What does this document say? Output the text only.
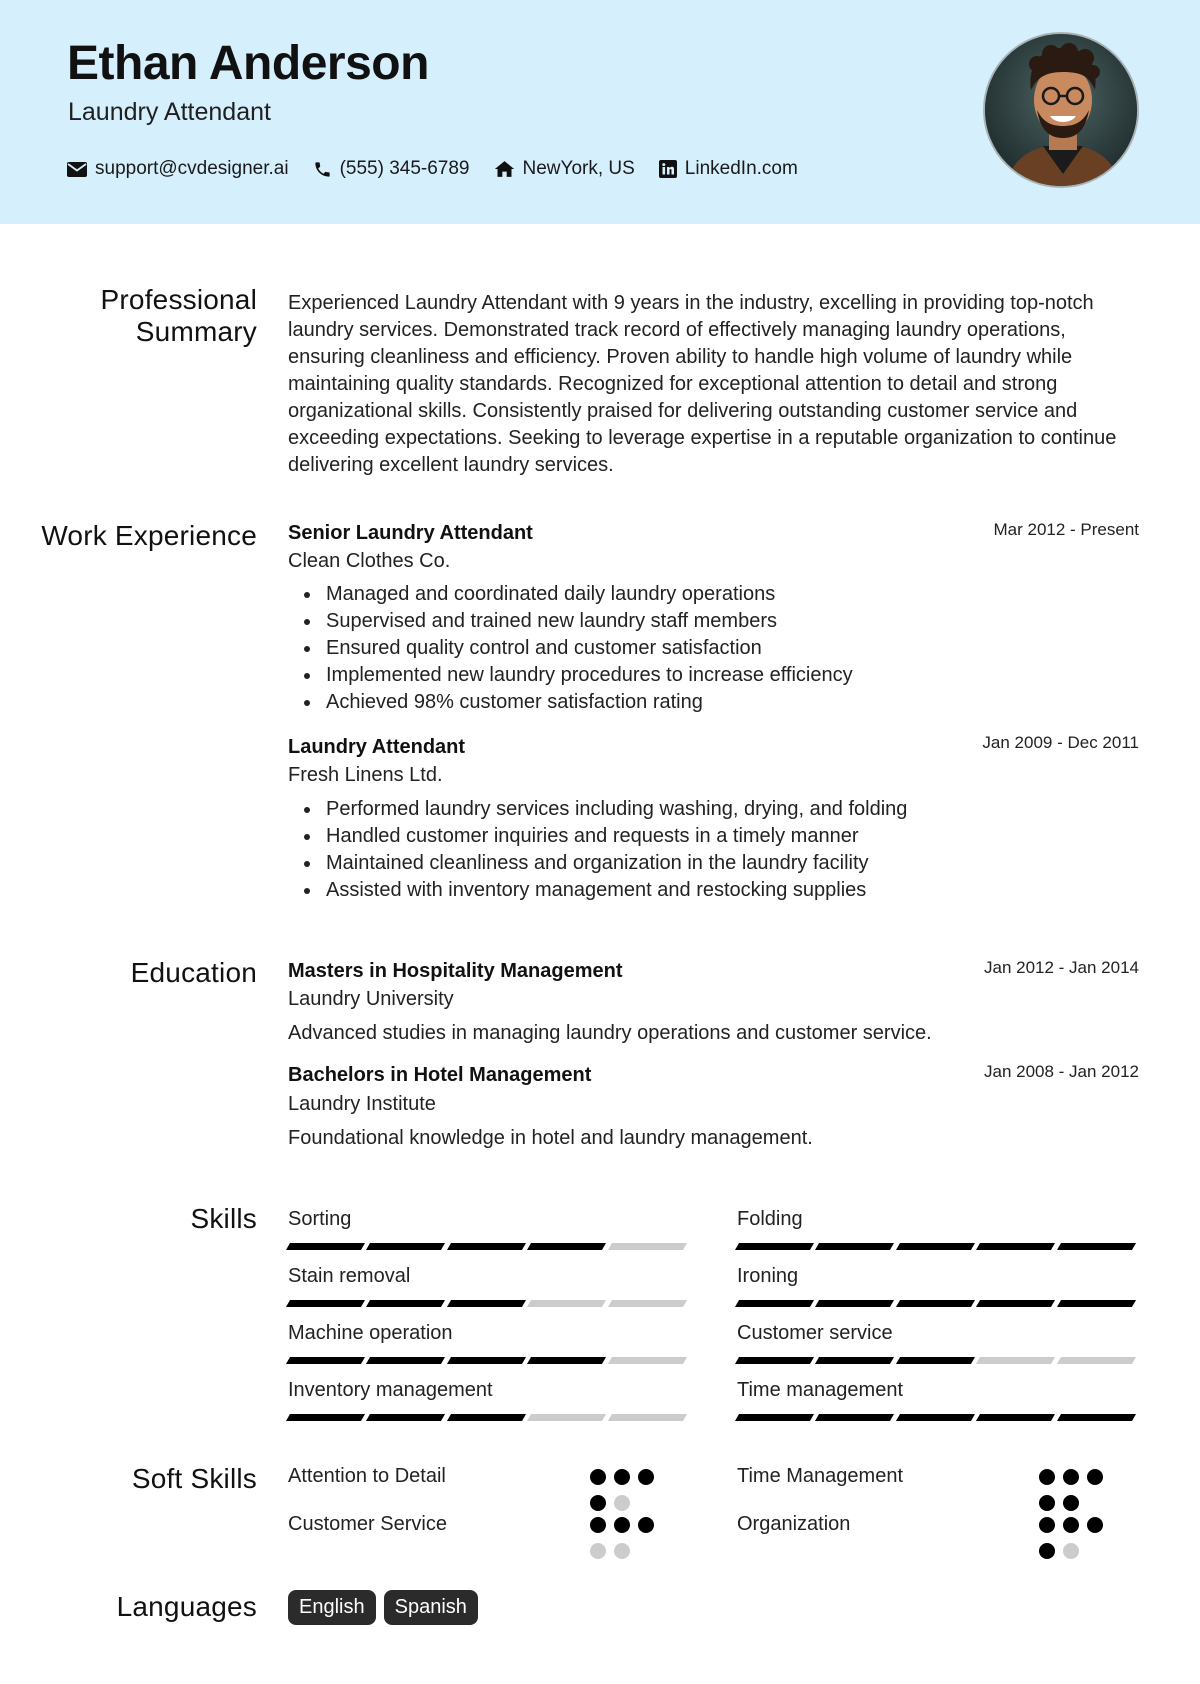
Ethan Anderson
Laundry Attendant
support@cvdesigner.ai	(555) 345-6789	NewYork, US	LinkedIn.com
Professional Summary
Experienced Laundry Attendant with 9 years in the industry, excelling in providing top-notch laundry services. Demonstrated track record of effectively managing laundry operations, ensuring cleanliness and efficiency. Proven ability to handle high volume of laundry while maintaining quality standards. Recognized for exceptional attention to detail and strong organizational skills. Consistently praised for delivering outstanding customer service and exceeding expectations. Seeking to leverage expertise in a reputable organization to continue delivering excellent laundry services.
Work Experience Senior Laundry Attendant	Mar 2012 - Present
Clean Clothes Co.
Managed and coordinated daily laundry operations
Supervised and trained new laundry staff members
Ensured quality control and customer satisfaction
Implemented new laundry procedures to increase efficiency
Achieved 98% customer satisfaction rating
Laundry Attendant	Jan 2009 - Dec 2011
Fresh Linens Ltd.
Performed laundry services including washing, drying, and folding
Handled customer inquiries and requests in a timely manner
Maintained cleanliness and organization in the laundry facility
Assisted with inventory management and restocking supplies
Education Masters in Hospitality Management	Jan 2012 - Jan 2014
Laundry University
Advanced studies in managing laundry operations and customer service.
Bachelors in Hotel Management	Jan 2008 - Jan 2012
Laundry Institute
Foundational knowledge in hotel and laundry management.
Skills Sorting	Folding
Stain removal	Ironing
Machine operation	Customer service
Inventory management	Time management
Soft Skills Attention to Detail	Time Management
Customer Service	Organization
Languages	English	Spanish
